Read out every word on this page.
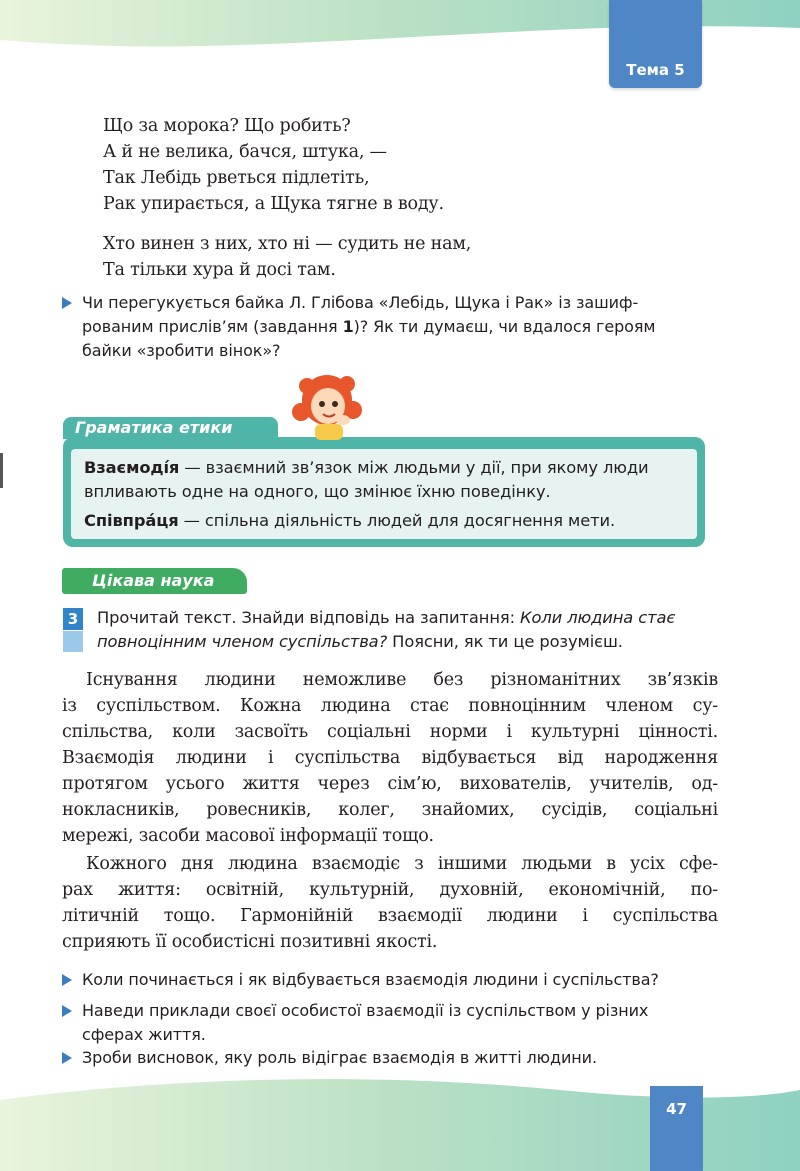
Тема 5
Що за морока? Що робить?
А й не велика, бачся, штука, —
Так Лебідь рветься підлетіть,
Рак упирається, а Щука тягне в воду.
Хто винен з них, хто ні — судить не нам,
Та тільки хура й досі там.
Чи перегукується байка Л. Глібова «Лебідь, Щука і Рак» із зашиф-
рованим прислів’ям (завдання 1)? Як ти думаєш, чи вдалося героям
байки «зробити вінок»?
Граматика етики
Взаємоді́я — взаємний зв’язок між людьми у дії, при якому люди впливають одне на одного, що змінює їхню поведінку.
Співпра́ця — спільна діяльність людей для досягнення мети.
Цікава наука
3 Прочитай текст. Знайди відповідь на запитання: Коли людина стає повноцінним членом суспільства? Поясни, як ти це розумієш.
Існування людини неможливе без різноманітних зв’язків
із суспільством. Кожна людина стає повноцінним членом су-
спільства, коли засвоїть соціальні норми і культурні цінності.
Взаємодія людини і суспільства відбувається від народження
протягом усього життя через сім’ю, вихователів, учителів, од-
нокласників, ровесників, колег, знайомих, сусідів, соціальні
мережі, засоби масової інформації тощо.
Кожного дня людина взаємодіє з іншими людьми в усіх сфе-
рах життя: освітній, культурній, духовній, економічній, по-
літичній тощо. Гармонійній взаємодії людини і суспільства
сприяють її особистісні позитивні якості.
Коли починається і як відбувається взаємодія людини і суспільства?
Наведи приклади своєї особистої взаємодії із суспільством у різних сферах життя.
Зроби висновок, яку роль відіграє взаємодія в житті людини.
47
